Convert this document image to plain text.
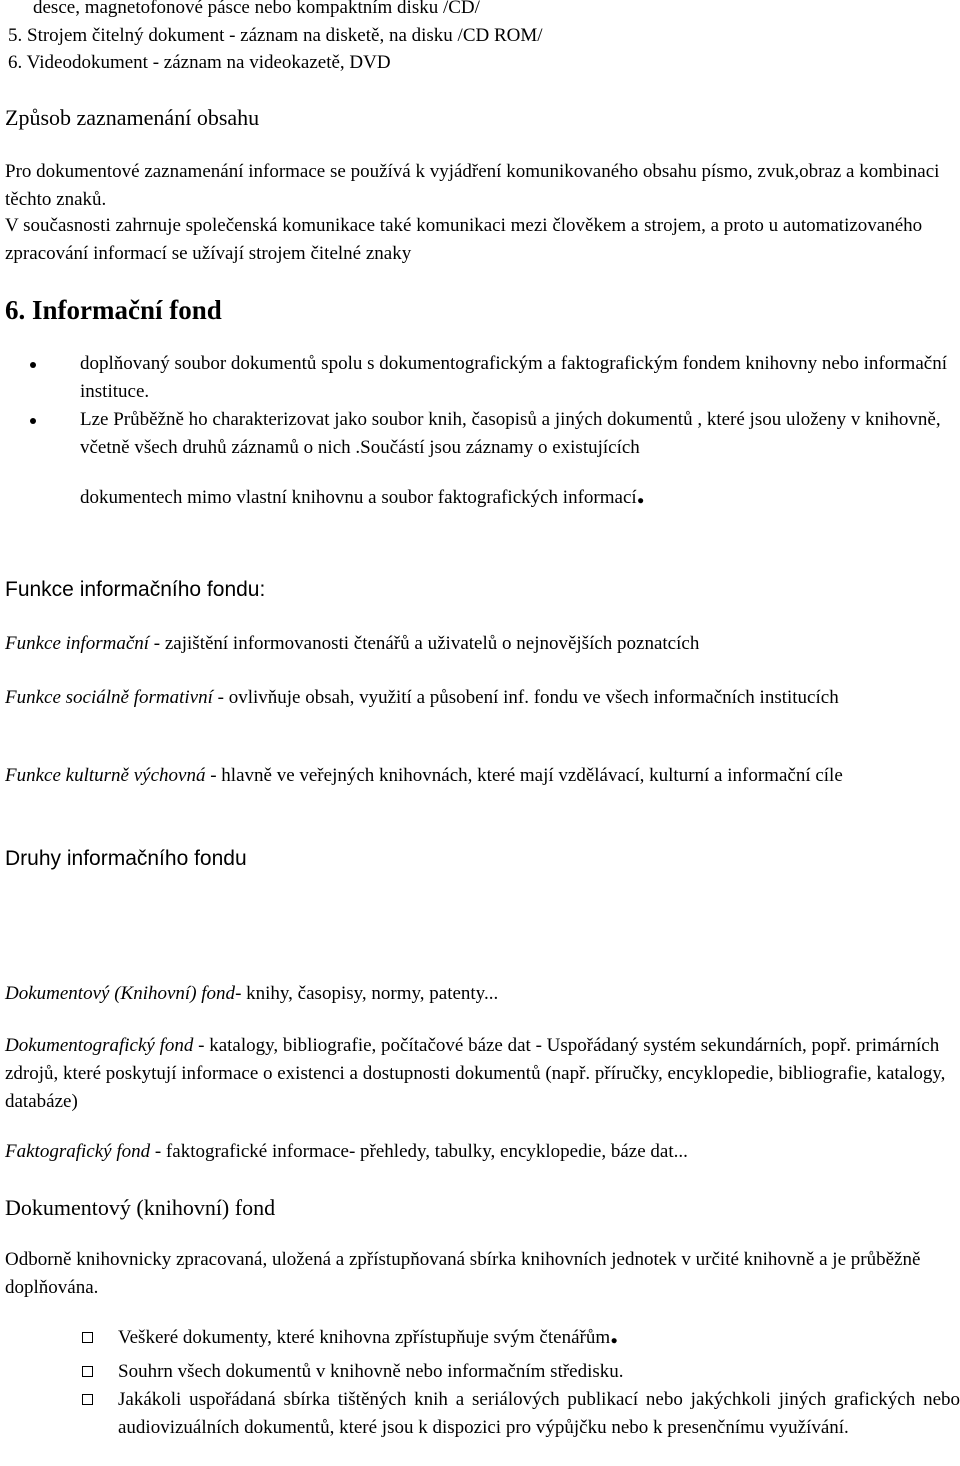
desce, magnetofonové pásce nebo kompaktním disku /CD/

5. Strojem čitelný dokument - záznam na disketě, na disku /CD ROM/

6. Videodokument - záznam na videokazetě, DVD

Způsob zaznamenání obsahu

Pro dokumentové zaznamenání informace se používá k vyjádření komunikovaného obsahu písmo, zvuk,obraz a kombinaci těchto znaků.

V současnosti zahrnuje společenská komunikace také komunikaci mezi člověkem a strojem, a proto u automatizovaného zpracování informací se užívají strojem čitelné znaky

6. Informační fond

doplňovaný soubor dokumentů spolu s dokumentografickým a faktografickým fondem knihovny nebo informační instituce.
Lze Průběžně ho charakterizovat jako soubor knih, časopisů a jiných dokumentů , které jsou uloženy v knihovně, včetně všech druhů záznamů o nich .Součástí jsou záznamy o existujících

dokumentech mimo vlastní knihovnu a soubor faktografických informací.

Funkce informačního fondu:

Funkce informační - zajištění informovanosti čtenářů a uživatelů o nejnovějších poznatcích

Funkce sociálně formativní - ovlivňuje obsah, využití a působení inf. fondu ve všech informačních institucích

Funkce kulturně výchovná - hlavně ve veřejných knihovnách, které mají vzdělávací, kulturní a informační cíle

Druhy informačního fondu

Dokumentový (Knihovní) fond- knihy, časopisy, normy, patenty...

Dokumentografický fond - katalogy, bibliografie, počítačové báze dat - Uspořádaný systém sekundárních, popř. primárních zdrojů, které poskytují informace o existenci a dostupnosti dokumentů (např. příručky, encyklopedie, bibliografie, katalogy, databáze)

Faktografický fond - faktografické informace- přehledy, tabulky, encyklopedie, báze dat...

Dokumentový (knihovní) fond

Odborně knihovnicky zpracovaná, uložená a zpřístupňovaná sbírka knihovních jednotek v určité knihovně a je průběžně doplňována.

Veškeré dokumenty, které knihovna zpřístupňuje svým čtenářům.
Souhrn všech dokumentů v knihovně nebo informačním středisku.
Jakákoli uspořádaná sbírka tištěných knih a seriálových publikací nebo jakýchkoli jiných grafických nebo audiovizuálních dokumentů, které jsou k dispozici pro výpůjčku nebo k presenčnímu využívání.
